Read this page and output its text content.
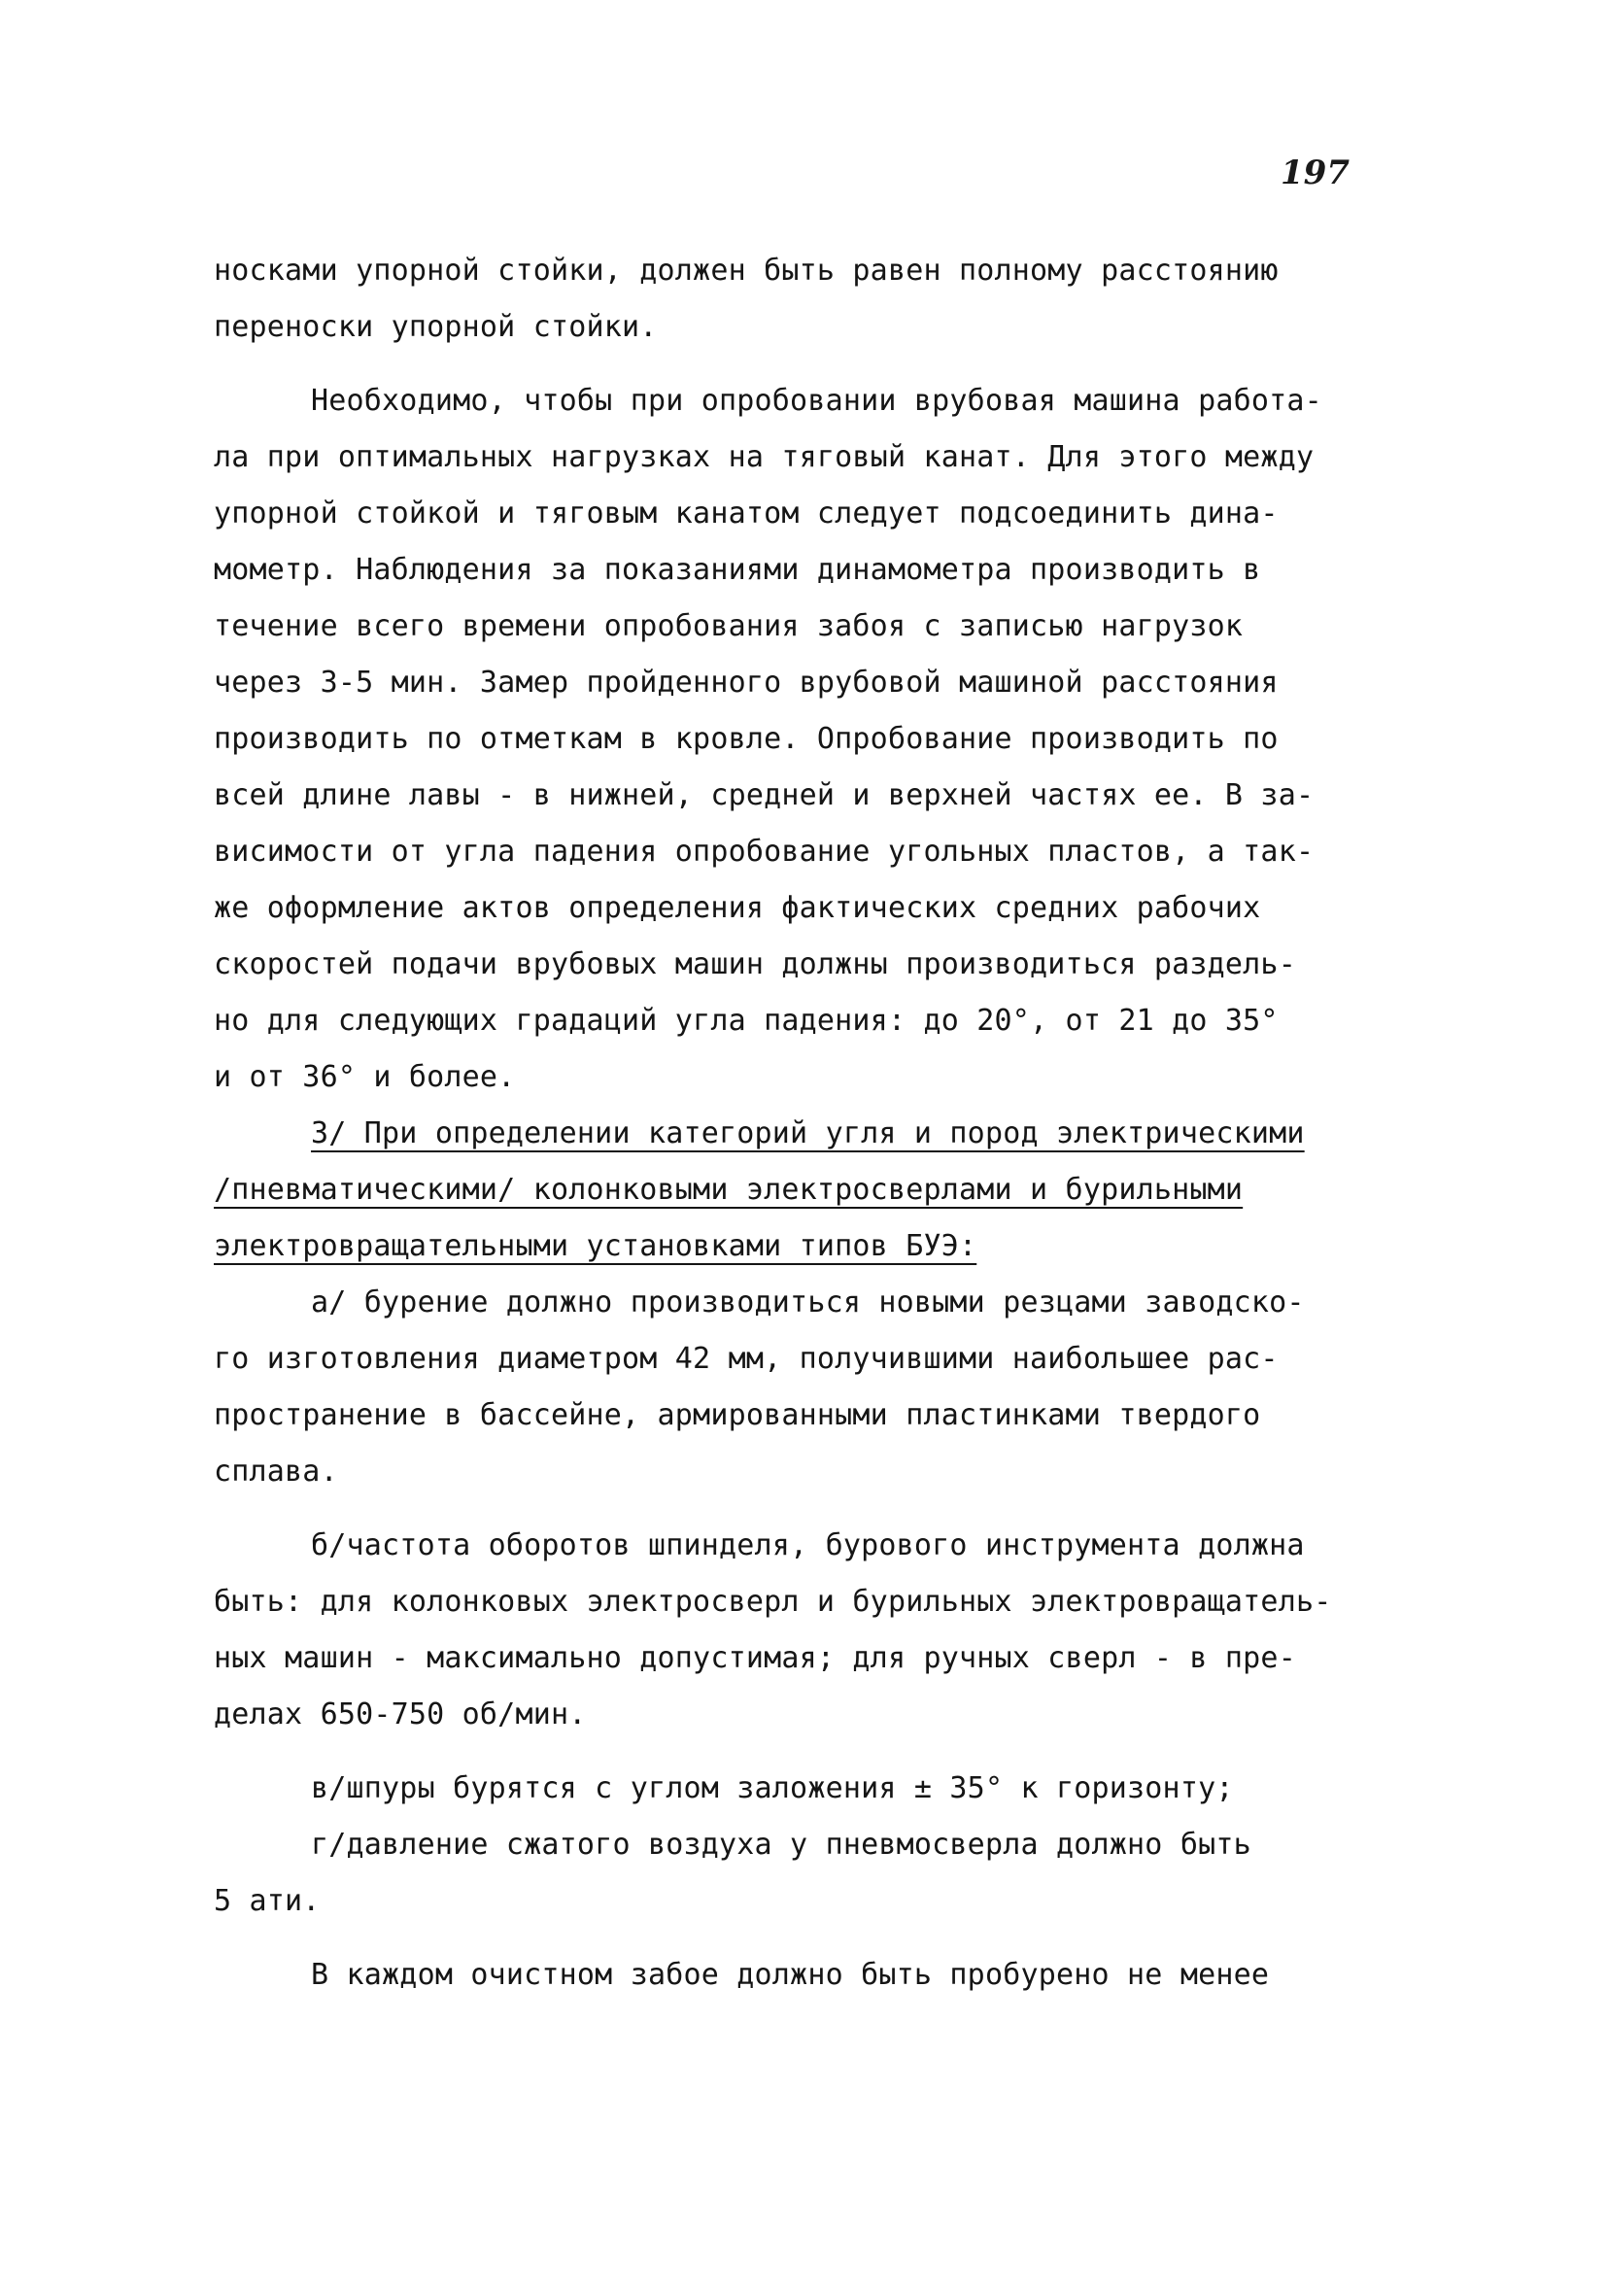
197
носками упорной стойки, должен быть равен полному расстоянию
переноски упорной стойки.
Необходимо, чтобы при опробовании врубовая машина работа-
ла при оптимальных нагрузках на тяговый канат. Для этого между
упорной стойкой и тяговым канатом следует подсоединить дина-
мометр. Наблюдения за показаниями динамометра производить в
течение всего времени опробования забоя с записью нагрузок
через 3-5 мин. Замер пройденного врубовой машиной расстояния
производить по отметкам в кровле. Опробование производить по
всей длине лавы - в нижней, средней и верхней частях ее. В за-
висимости от угла падения опробование угольных пластов, а так-
же оформление актов определения фактических средних рабочих
скоростей подачи врубовых машин должны производиться раздель-
но для следующих градаций угла падения: до 20°, от 21 до 35°
и от 36° и более.
3/ При определении категорий угля и пород электрическими
/пневматическими/ колонковыми электросверлами и бурильными
электровращательными установками типов БУЭ:
а/ бурение должно производиться новыми резцами заводско-
го изготовления диаметром 42 мм, получившими наибольшее рас-
пространение в бассейне, армированными пластинками твердого
сплава.
б/частота оборотов шпинделя, бурового инструмента должна
быть: для колонковых электросверл и бурильных электровращатель-
ных машин - максимально допустимая; для ручных сверл - в пре-
делах 650-750 об/мин.
в/шпуры бурятся с углом заложения ± 35° к горизонту;
г/давление сжатого воздуха у пневмосверла должно быть
5 ати.
В каждом очистном забое должно быть пробурено не менее
